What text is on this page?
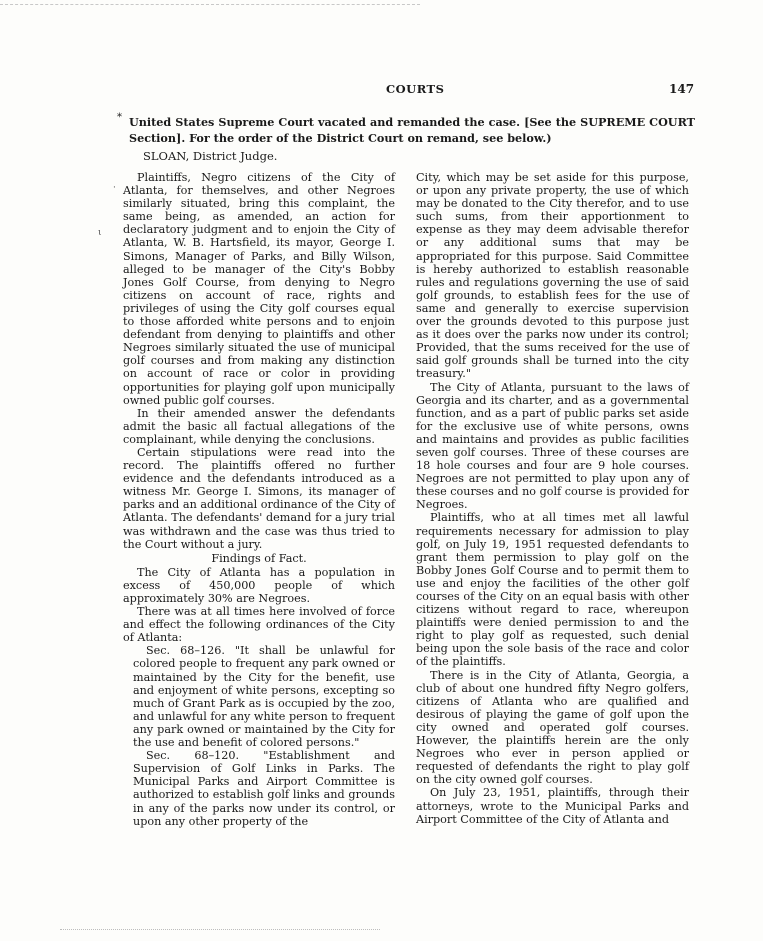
COURTS	147
* United States Supreme Court vacated and remanded the case. [See the SUPREME COURT Section]. For the order of the District Court on remand, see below.)
SLOAN, District Judge.
·
ι

Plaintiffs, Negro citizens of the City of Atlanta, for themselves, and other Negroes similarly situated, bring this complaint, the same being, as amended, an action for declaratory judgment and to enjoin the City of Atlanta, W. B. Hartsfield, its mayor, George I. Simons, Manager of Parks, and Billy Wilson, alleged to be manager of the City's Bobby Jones Golf Course, from denying to Negro citizens on account of race, rights and privileges of using the City golf courses equal to those afforded white persons and to enjoin defendant from denying to plaintiffs and other Negroes similarly situated the use of municipal golf courses and from making any distinction on account of race or color in providing opportunities for playing golf upon municipally owned public golf courses.

In their amended answer the defendants admit the basic all factual allegations of the complainant, while denying the conclusions.

Certain stipulations were read into the record. The plaintiffs offered no further evidence and the defendants introduced as a witness Mr. George I. Simons, its manager of parks and an additional ordinance of the City of Atlanta. The defendants' demand for a jury trial was withdrawn and the case was thus tried to the Court without a jury.

Findings of Fact.

The City of Atlanta has a population in excess of 450,000 people of which approximately 30% are Negroes.

There was at all times here involved of force and effect the following ordinances of the City of Atlanta:

Sec. 68–126. "It shall be unlawful for colored people to frequent any park owned or maintained by the City for the benefit, use and enjoyment of white persons, excepting so much of Grant Park as is occupied by the zoo, and unlawful for any white person to frequent any park owned or maintained by the City for the use and benefit of colored persons."

Sec. 68–120. "Establishment and Supervision of Golf Links in Parks. The Municipal Parks and Airport Committee is authorized to establish golf links and grounds in any of the parks now under its control, or upon any other property of the

City, which may be set aside for this purpose, or upon any private property, the use of which may be donated to the City therefor, and to use such sums, from their apportionment to expense as they may deem advisable therefor or any additional sums that may be appropriated for this purpose. Said Committee is hereby authorized to establish reasonable rules and regulations governing the use of said golf grounds, to establish fees for the use of same and generally to exercise supervision over the grounds devoted to this purpose just as it does over the parks now under its control; Provided, that the sums received for the use of said golf grounds shall be turned into the city treasury."

The City of Atlanta, pursuant to the laws of Georgia and its charter, and as a governmental function, and as a part of public parks set aside for the exclusive use of white persons, owns and maintains and provides as public facilities seven golf courses. Three of these courses are 18 hole courses and four are 9 hole courses. Negroes are not permitted to play upon any of these courses and no golf course is provided for Negroes.

Plaintiffs, who at all times met all lawful requirements necessary for admission to play golf, on July 19, 1951 requested defendants to grant them permission to play golf on the Bobby Jones Golf Course and to permit them to use and enjoy the facilities of the other golf courses of the City on an equal basis with other citizens without regard to race, whereupon plaintiffs were denied permission to and the right to play golf as requested, such denial being upon the sole basis of the race and color of the plaintiffs.

There is in the City of Atlanta, Georgia, a club of about one hundred fifty Negro golfers, citizens of Atlanta who are qualified and desirous of playing the game of golf upon the city owned and operated golf courses. However, the plaintiffs herein are the only Negroes who ever in person applied or requested of defendants the right to play golf on the city owned golf courses.

On July 23, 1951, plaintiffs, through their attorneys, wrote to the Municipal Parks and Airport Committee of the City of Atlanta and
